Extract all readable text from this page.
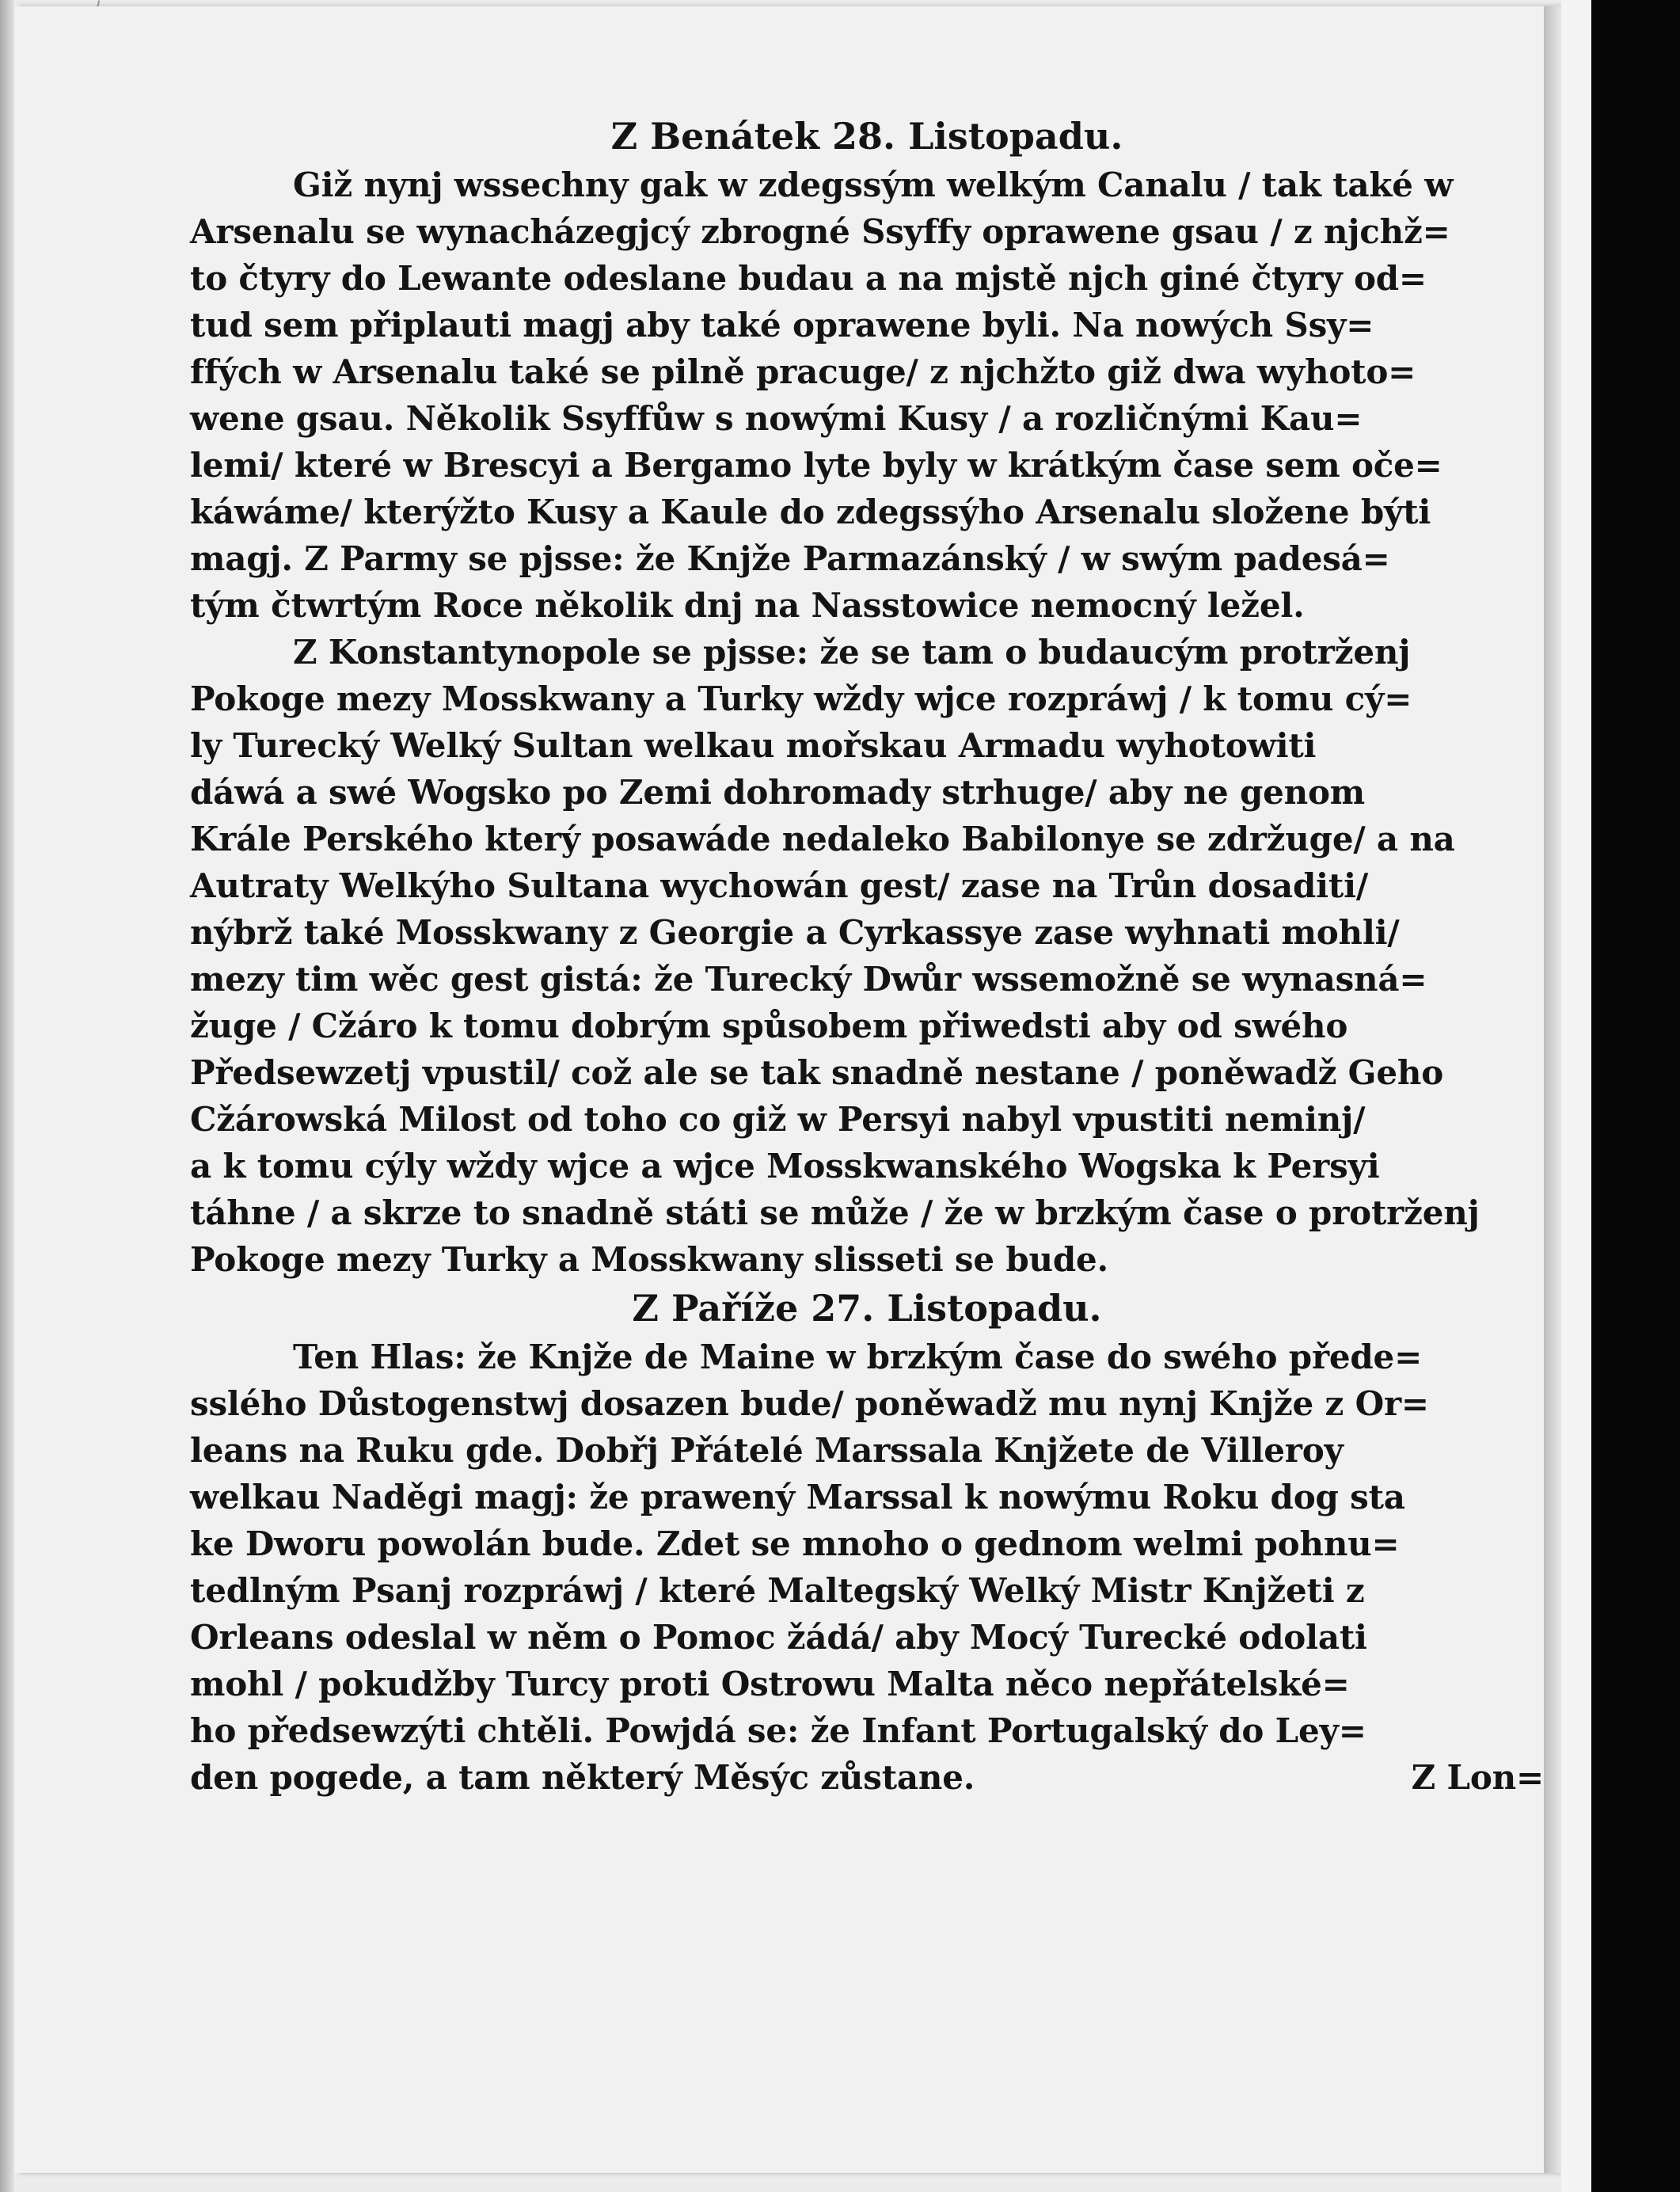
Z Benátek 28. Listopadu.
Giž nynj wssechny gak w zdegssým welkým Canalu / tak také w
Arsenalu se wynacházegjcý zbrogné Ssyffy oprawene gsau / z njchž=
to čtyry do Lewante odeslane budau a na mjstě njch giné čtyry od=
tud sem připlauti magj aby také oprawene byli. Na nowých Ssy=
ffých w Arsenalu také se pilně pracuge/ z njchžto giž dwa wyhoto=
wene gsau. Několik Ssyffůw s nowými Kusy / a rozličnými Kau=
lemi/ které w Brescyi a Bergamo lyte byly w krátkým čase sem oče=
káwáme/ kterýžto Kusy a Kaule do zdegssýho Arsenalu složene býti
magj. Z Parmy se pjsse: že Knjže Parmazánský / w swým padesá=
tým čtwrtým Roce několik dnj na Nasstowice nemocný ležel.
Z Konstantynopole se pjsse: že se tam o budaucým protrženj
Pokoge mezy Mosskwany a Turky wždy wjce rozpráwj / k tomu cý=
ly Turecký Welký Sultan welkau mořskau Armadu wyhotowiti
dáwá a swé Wogsko po Zemi dohromady strhuge/ aby ne genom
Krále Perského který posawáde nedaleko Babilonye se zdržuge/ a na
Autraty Welkýho Sultana wychowán gest/ zase na Trůn dosaditi/
nýbrž také Mosskwany z Georgie a Cyrkassye zase wyhnati mohli/
mezy tim wěc gest gistá: že Turecký Dwůr wssemožně se wynasná=
žuge / Cžáro k tomu dobrým spůsobem přiwedsti aby od swého
Předsewzetj vpustil/ což ale se tak snadně nestane / poněwadž Geho
Cžárowská Milost od toho co giž w Persyi nabyl vpustiti neminj/
a k tomu cýly wždy wjce a wjce Mosskwanského Wogska k Persyi
táhne / a skrze to snadně státi se může / že w brzkým čase o protrženj
Pokoge mezy Turky a Mosskwany slisseti se bude.
Z Paříže 27. Listopadu.
Ten Hlas: že Knjže de Maine w brzkým čase do swého přede=
sslého Důstogenstwj dosazen bude/ poněwadž mu nynj Knjže z Or=
leans na Ruku gde. Dobřj Přátelé Marssala Knjžete de Villeroy
welkau Naděgi magj: že prawený Marssal k nowýmu Roku dog sta
ke Dworu powolán bude. Zdet se mnoho o gednom welmi pohnu=
tedlným Psanj rozpráwj / které Maltegský Welký Mistr Knjžeti z
Orleans odeslal w něm o Pomoc žádá/ aby Mocý Turecké odolati
mohl / pokudžby Turcy proti Ostrowu Malta něco nepřátelské=
ho předsewzýti chtěli. Powjdá se: že Infant Portugalský do Ley=
den pogede, a tam některý Měsýc zůstane.	Z Lon=
